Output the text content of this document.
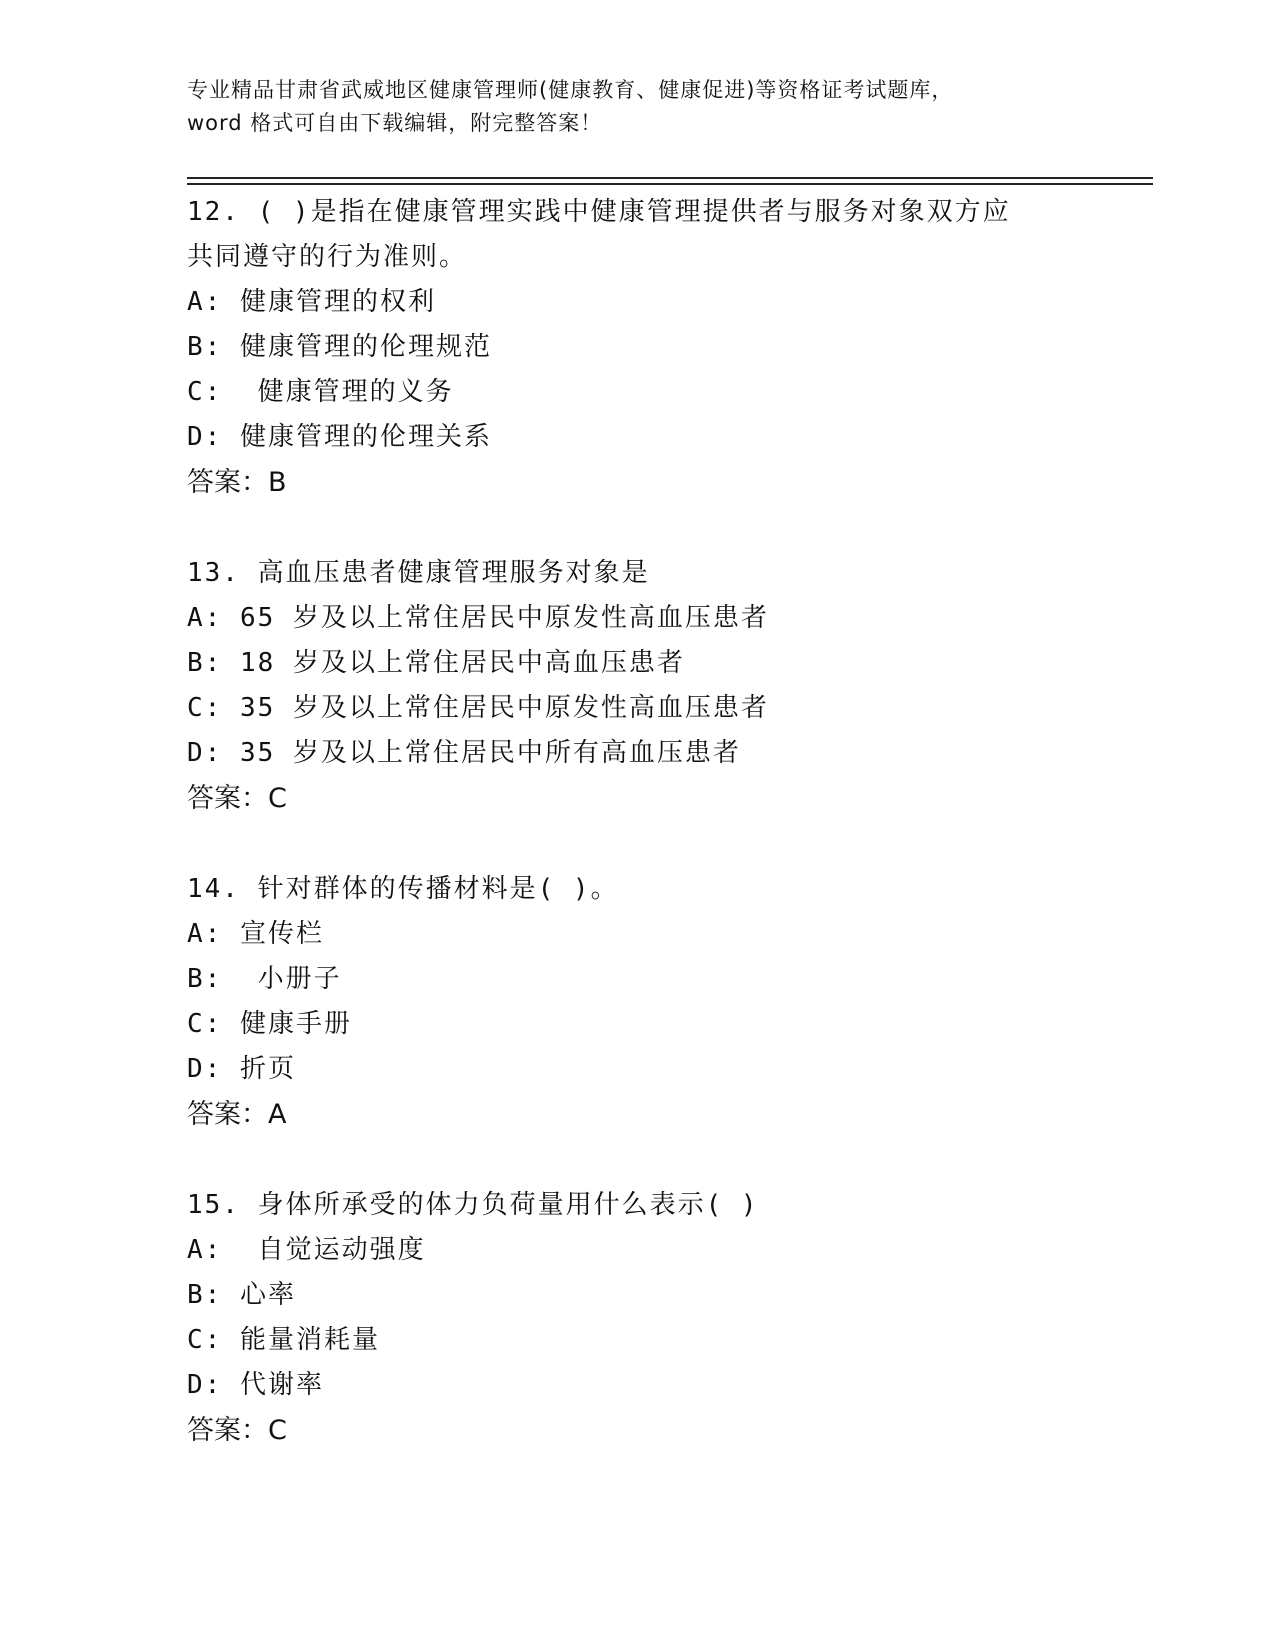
专业精品甘肃省武威地区健康管理师(健康教育、健康促进)等资格证考试题库，
word 格式可自由下载编辑，附完整答案！

12. ( )是指在健康管理实践中健康管理提供者与服务对象双方应
共同遵守的行为准则。

A: 健康管理的权利
B: 健康管理的伦理规范
C:  健康管理的义务
D: 健康管理的伦理关系
答案：B

13. 高血压患者健康管理服务对象是

A: 65 岁及以上常住居民中原发性高血压患者
B: 18 岁及以上常住居民中高血压患者
C: 35 岁及以上常住居民中原发性高血压患者
D: 35 岁及以上常住居民中所有高血压患者
答案：C

14. 针对群体的传播材料是( )。

A: 宣传栏
B:  小册子
C: 健康手册
D: 折页
答案：A

15. 身体所承受的体力负荷量用什么表示( )

A:  自觉运动强度
B: 心率
C: 能量消耗量
D: 代谢率
答案：C
